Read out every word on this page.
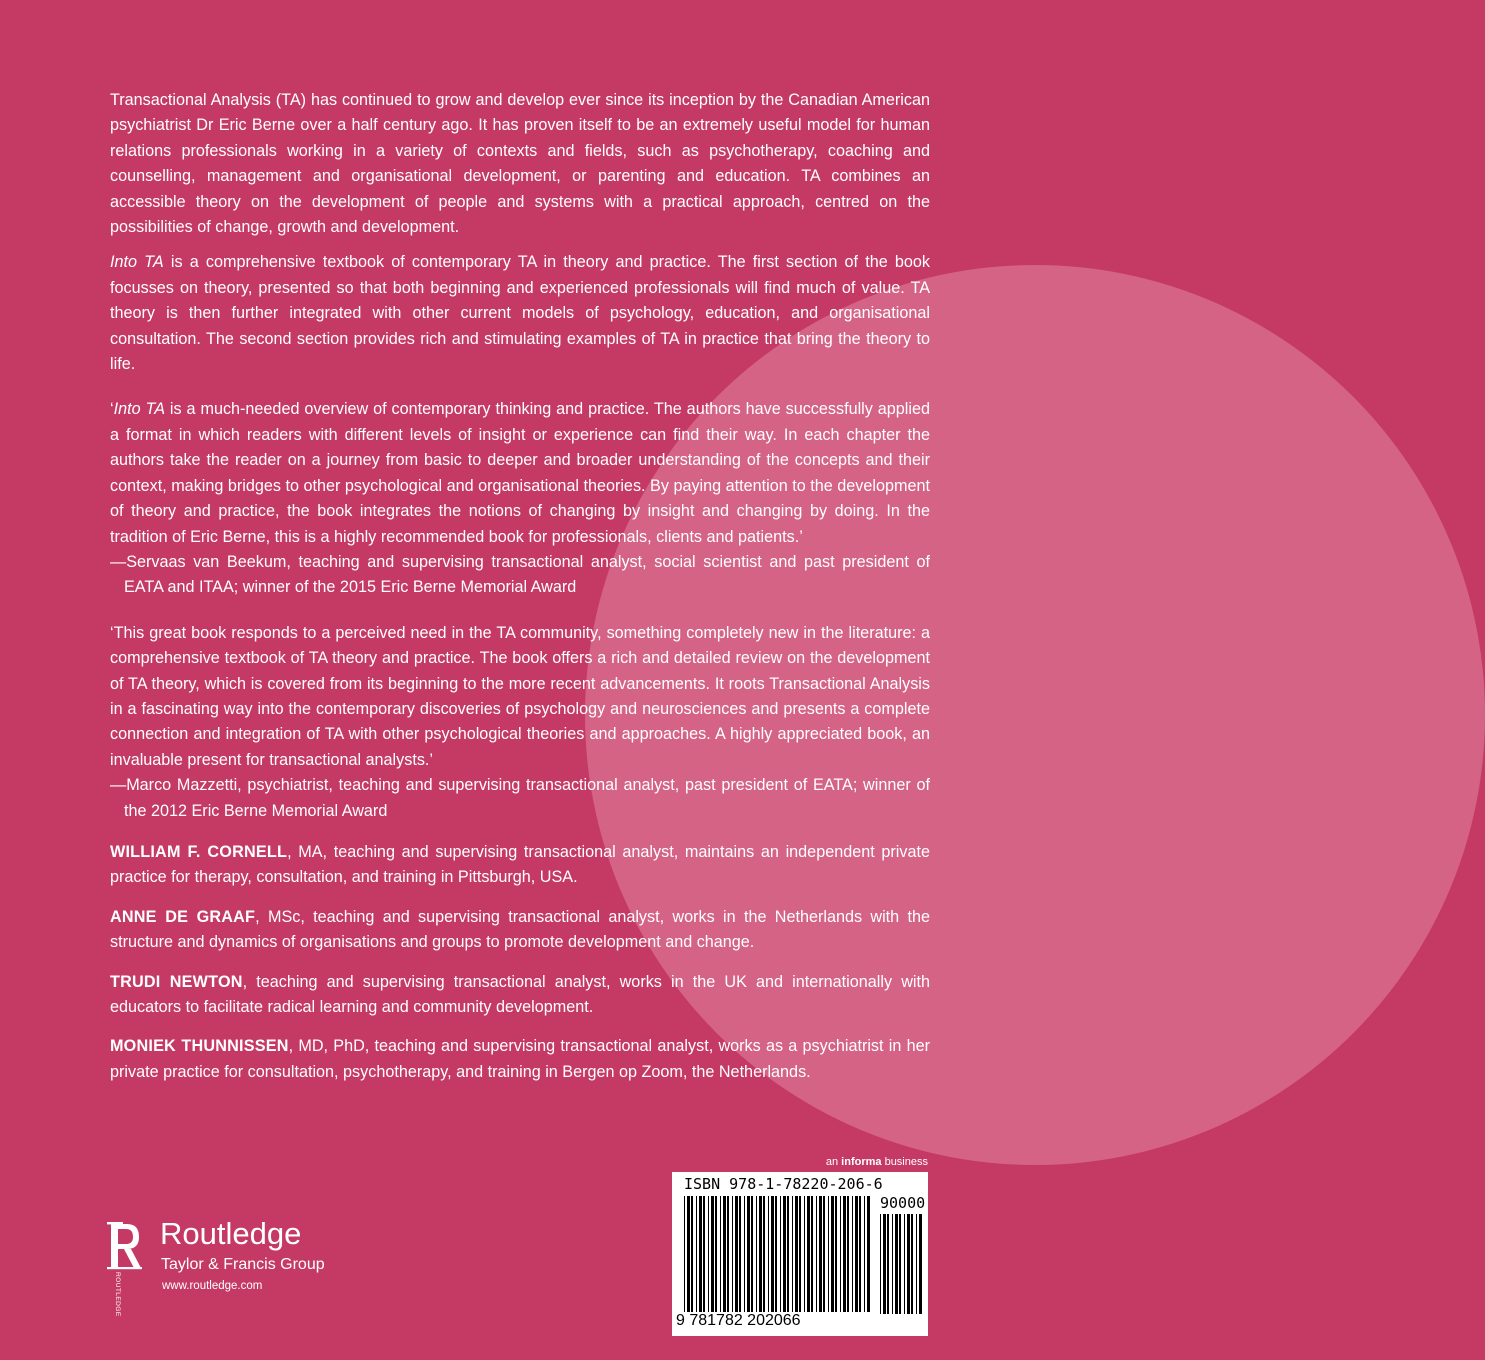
Transactional Analysis (TA) has continued to grow and develop ever since its inception by the Canadian American psychiatrist Dr Eric Berne over a half century ago. It has proven itself to be an extremely useful model for human relations professionals working in a variety of contexts and fields, such as psychotherapy, coaching and counselling, management and organisational development, or parenting and education. TA combines an accessible theory on the development of people and systems with a practical approach, centred on the possibilities of change, growth and development.

Into TA is a comprehensive textbook of contemporary TA in theory and practice. The first section of the book focusses on theory, presented so that both beginning and experienced professionals will find much of value. TA theory is then further integrated with other current models of psychology, education, and organisational consultation. The second section provides rich and stimulating examples of TA in practice that bring the theory to life.

‘Into TA is a much-needed overview of contemporary thinking and practice. The authors have successfully applied a format in which readers with different levels of insight or experience can find their way. In each chapter the authors take the reader on a journey from basic to deeper and broader understanding of the concepts and their context, making bridges to other psychological and organisational theories. By paying attention to the development of theory and practice, the book integrates the notions of changing by insight and changing by doing. In the tradition of Eric Berne, this is a highly recommended book for professionals, clients and patients.’

—Servaas van Beekum, teaching and supervising transactional analyst, social scientist and past president of EATA and ITAA; winner of the 2015 Eric Berne Memorial Award

‘This great book responds to a perceived need in the TA community, something completely new in the literature: a comprehensive textbook of TA theory and practice. The book offers a rich and detailed review on the development of TA theory, which is covered from its beginning to the more recent advancements. It roots Transactional Analysis in a fascinating way into the contemporary discoveries of psychology and neurosciences and presents a complete connection and integration of TA with other psychological theories and approaches. A highly appreciated book, an invaluable present for transactional analysts.’

—Marco Mazzetti, psychiatrist, teaching and supervising transactional analyst, past president of EATA; winner of the 2012 Eric Berne Memorial Award
WILLIAM F. CORNELL, MA, teaching and supervising transactional analyst, maintains an independent private practice for therapy, consultation, and training in Pittsburgh, USA.
ANNE DE GRAAF, MSc, teaching and supervising transactional analyst, works in the Netherlands with the structure and dynamics of organisations and groups to promote development and change.
TRUDI NEWTON, teaching and supervising transactional analyst, works in the UK and internationally with educators to facilitate radical learning and community development.
MONIEK THUNNISSEN, MD, PhD, teaching and supervising transactional analyst, works as a psychiatrist in her private practice for consultation, psychotherapy, and training in Bergen op Zoom, the Netherlands.
ROUTLEDGE
Routledge
Taylor & Francis Group
www.routledge.com
an informa business
ISBN 978-1-78220-206-6
90000
9 781782 202066
